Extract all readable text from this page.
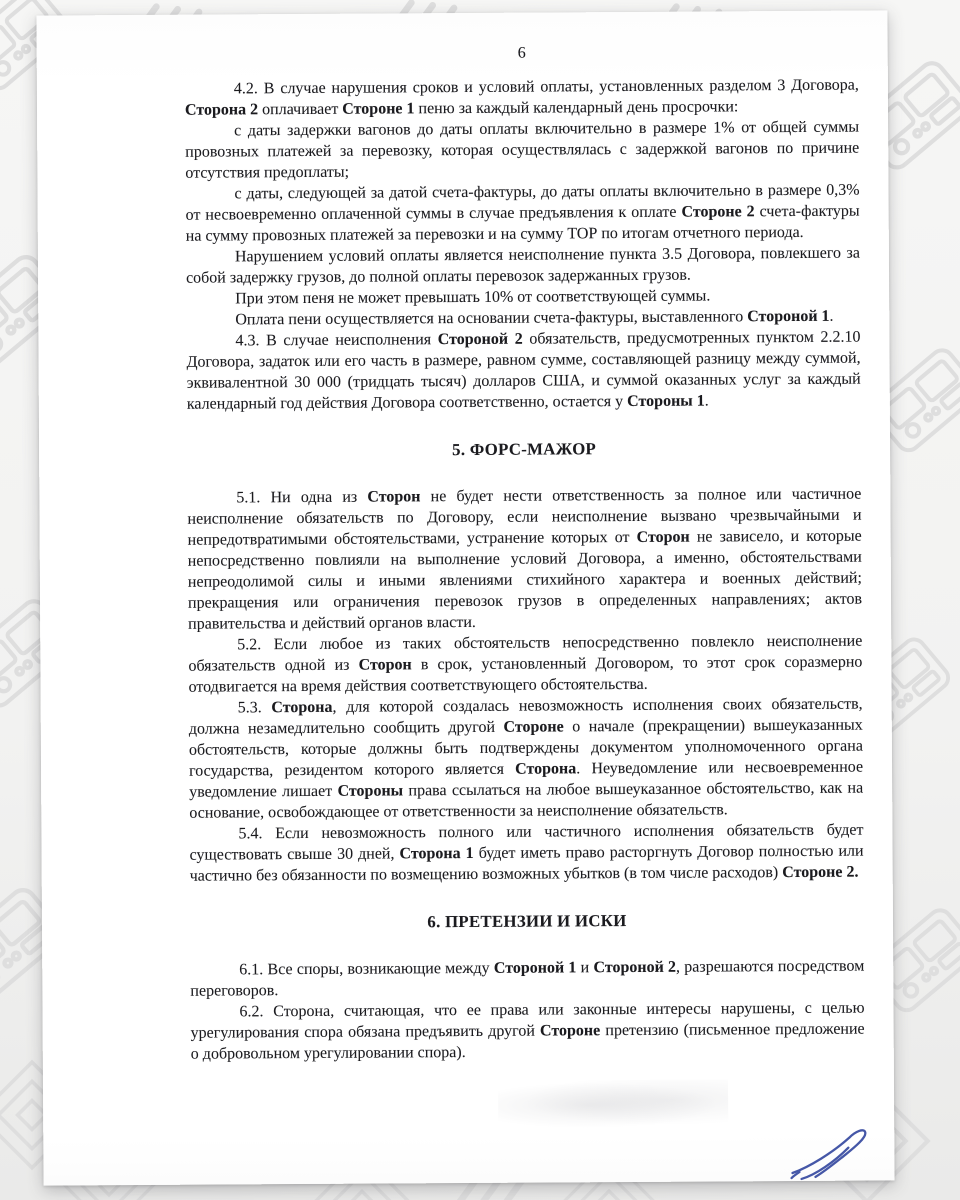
6

4.2. В случае нарушения сроков и условий оплаты, установленных разделом 3 Договора, Сторона 2 оплачивает Стороне 1 пеню за каждый календарный день просрочки:

с даты задержки вагонов до даты оплаты включительно в размере 1% от общей суммы провозных платежей за перевозку, которая осуществлялась с задержкой вагонов по причине отсутствия предоплаты;

с даты, следующей за датой счета-фактуры, до даты оплаты включительно в размере 0,3% от несвоевременно оплаченной суммы в случае предъявления к оплате Стороне 2 счета-фактуры на сумму провозных платежей за перевозки и на сумму ТОР по итогам отчетного периода.

Нарушением условий оплаты является неисполнение пункта 3.5 Договора, повлекшего за собой задержку грузов, до полной оплаты перевозок задержанных грузов.

При этом пеня не может превышать 10% от соответствующей суммы.

Оплата пени осуществляется на основании счета-фактуры, выставленного Стороной 1.

4.3. В случае неисполнения Стороной 2 обязательств, предусмотренных пунктом 2.2.10 Договора, задаток или его часть в размере, равном сумме, составляющей разницу между суммой, эквивалентной 30 000 (тридцать тысяч) долларов США, и суммой оказанных услуг за каждый календарный год действия Договора соответственно, остается у Стороны 1.

5. ФОРС-МАЖОР

5.1. Ни одна из Сторон не будет нести ответственность за полное или частичное неисполнение обязательств по Договору, если неисполнение вызвано чрезвычайными и непредотвратимыми обстоятельствами, устранение которых от Сторон не зависело, и которые непосредственно повлияли на выполнение условий Договора, а именно, обстоятельствами непреодолимой силы и иными явлениями стихийного характера и военных действий; прекращения или ограничения перевозок грузов в определенных направлениях; актов правительства и действий органов власти.

5.2. Если любое из таких обстоятельств непосредственно повлекло неисполнение обязательств одной из Сторон в срок, установленный Договором, то этот срок соразмерно отодвигается на время действия соответствующего обстоятельства.

5.3. Сторона, для которой создалась невозможность исполнения своих обязательств, должна незамедлительно сообщить другой Стороне о начале (прекращении) вышеуказанных обстоятельств, которые должны быть подтверждены документом уполномоченного органа государства, резидентом которого является Сторона. Неуведомление или несвоевременное уведомление лишает Стороны права ссылаться на любое вышеуказанное обстоятельство, как на основание, освобождающее от ответственности за неисполнение обязательств.

5.4. Если невозможность полного или частичного исполнения обязательств будет существовать свыше 30 дней, Сторона 1 будет иметь право расторгнуть Договор полностью или частично без обязанности по возмещению возможных убытков (в том числе расходов) Стороне 2.

6. ПРЕТЕНЗИИ И ИСКИ

6.1. Все споры, возникающие между Стороной 1 и Стороной 2, разрешаются посредством переговоров.

6.2. Сторона, считающая, что ее права или законные интересы нарушены, с целью урегулирования спора обязана предъявить другой Стороне претензию (письменное предложение о добровольном урегулировании спора).
